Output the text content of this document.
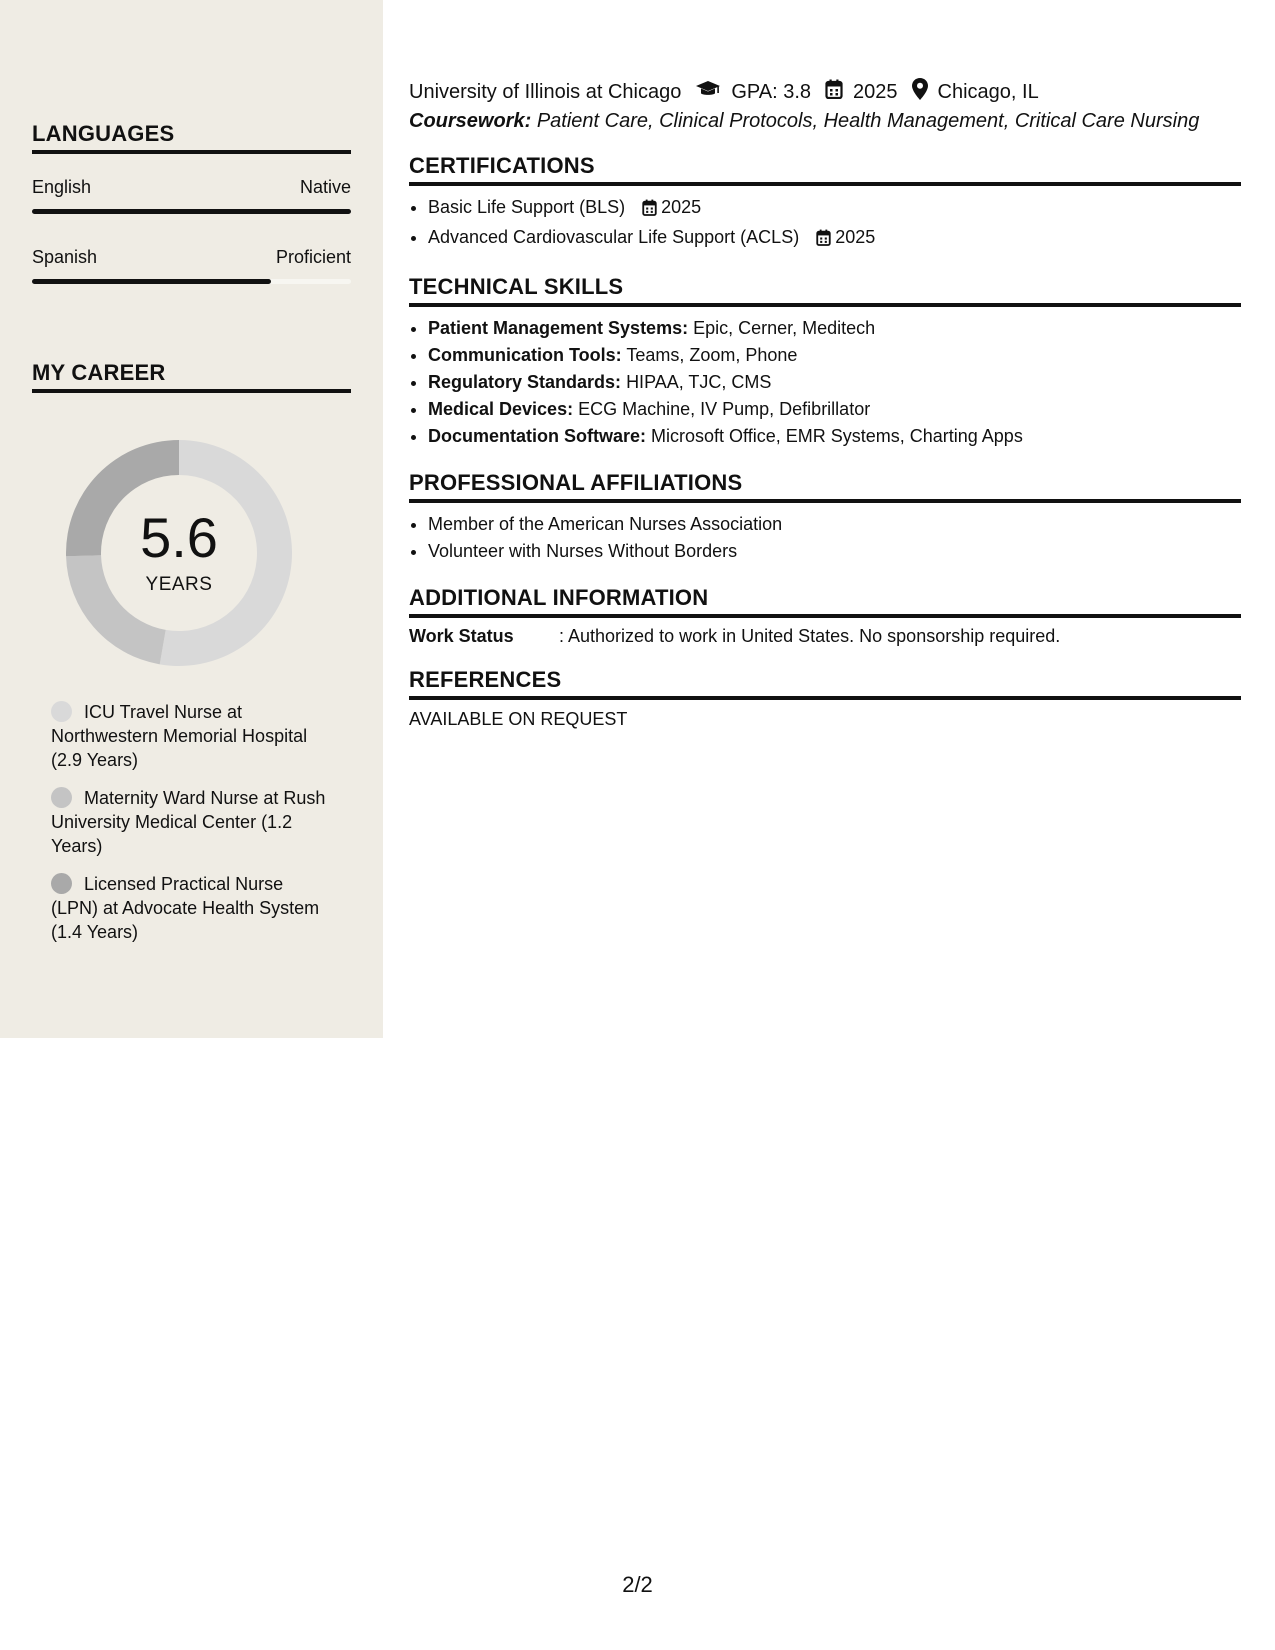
LANGUAGES
English	Native
Spanish	Proficient
MY CAREER
5.6
YEARS
ICU Travel Nurse at Northwestern Memorial Hospital (2.9 Years)
Maternity Ward Nurse at Rush University Medical Center (1.2 Years)
Licensed Practical Nurse (LPN) at Advocate Health System (1.4 Years)
University of Illinois at Chicago	GPA: 3.8 2025 Chicago, IL
Coursework: Patient Care, Clinical Protocols, Health Management, Critical Care Nursing
CERTIFICATIONS
• Basic Life Support (BLS) 2025
• Advanced Cardiovascular Life Support (ACLS) 2025
TECHNICAL SKILLS
• Patient Management Systems: Epic, Cerner, Meditech
• Communication Tools: Teams, Zoom, Phone
• Regulatory Standards: HIPAA, TJC, CMS
• Medical Devices: ECG Machine, IV Pump, Defibrillator
• Documentation Software: Microsoft Office, EMR Systems, Charting Apps
PROFESSIONAL AFFILIATIONS
• Member of the American Nurses Association
• Volunteer with Nurses Without Borders
ADDITIONAL INFORMATION
Work Status	: Authorized to work in United States. No sponsorship required.
REFERENCES
AVAILABLE ON REQUEST
2/2
